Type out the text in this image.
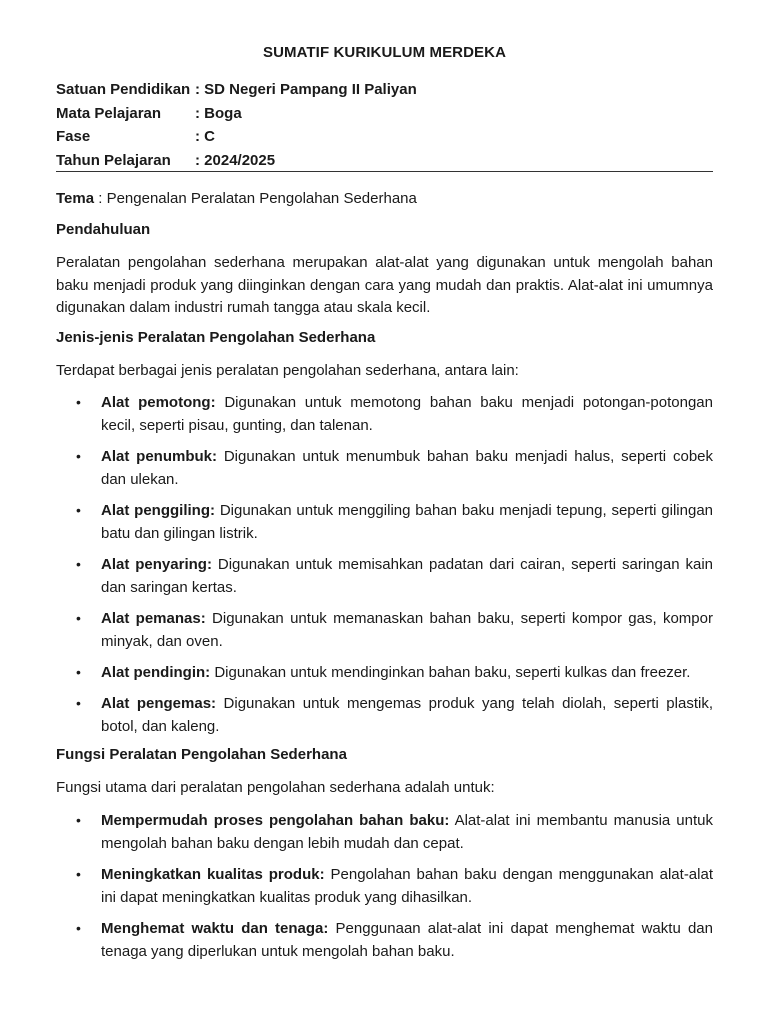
SUMATIF KURIKULUM MERDEKA
Satuan Pendidikan : SD Negeri Pampang II Paliyan
Mata Pelajaran	: Boga
Fase	: C
Tahun Pelajaran	: 2024/2025
Tema : Pengenalan Peralatan Pengolahan Sederhana
Pendahuluan
Peralatan pengolahan sederhana merupakan alat-alat yang digunakan untuk mengolah bahan baku menjadi produk yang diinginkan dengan cara yang mudah dan praktis. Alat-alat ini umumnya digunakan dalam industri rumah tangga atau skala kecil.
Jenis-jenis Peralatan Pengolahan Sederhana
Terdapat berbagai jenis peralatan pengolahan sederhana, antara lain:
• Alat pemotong: Digunakan untuk memotong bahan baku menjadi potongan-potongan kecil, seperti pisau, gunting, dan talenan.
• Alat penumbuk: Digunakan untuk menumbuk bahan baku menjadi halus, seperti cobek dan ulekan.
• Alat penggiling: Digunakan untuk menggiling bahan baku menjadi tepung, seperti gilingan batu dan gilingan listrik.
• Alat penyaring: Digunakan untuk memisahkan padatan dari cairan, seperti saringan kain dan saringan kertas.
• Alat pemanas: Digunakan untuk memanaskan bahan baku, seperti kompor gas, kompor minyak, dan oven.
• Alat pendingin: Digunakan untuk mendinginkan bahan baku, seperti kulkas dan freezer.
• Alat pengemas: Digunakan untuk mengemas produk yang telah diolah, seperti plastik, botol, dan kaleng.
Fungsi Peralatan Pengolahan Sederhana
Fungsi utama dari peralatan pengolahan sederhana adalah untuk:
• Mempermudah proses pengolahan bahan baku: Alat-alat ini membantu manusia untuk mengolah bahan baku dengan lebih mudah dan cepat.
• Meningkatkan kualitas produk: Pengolahan bahan baku dengan menggunakan alat-alat ini dapat meningkatkan kualitas produk yang dihasilkan.
• Menghemat waktu dan tenaga: Penggunaan alat-alat ini dapat menghemat waktu dan tenaga yang diperlukan untuk mengolah bahan baku.
